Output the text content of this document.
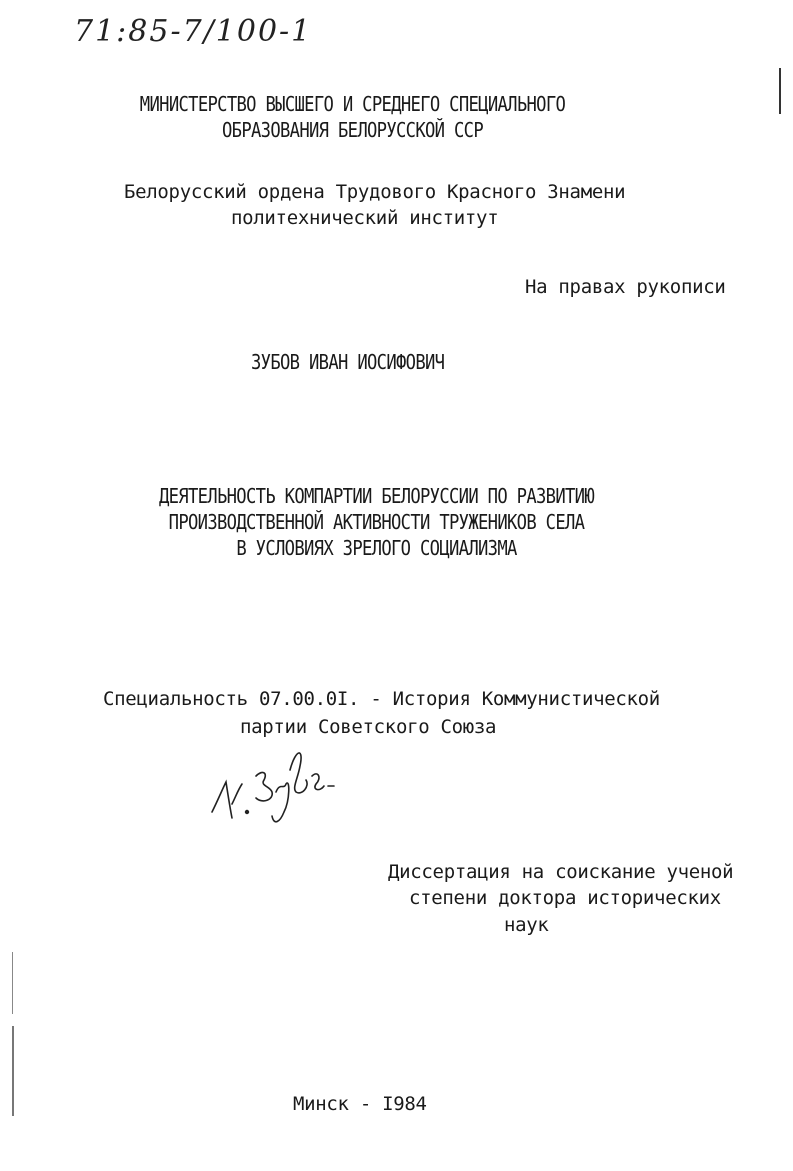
71:85-7/100-1
МИНИСТЕРСТВО ВЫСШЕГО И СРЕДНЕГО СПЕЦИАЛЬНОГО
ОБРАЗОВАНИЯ БЕЛОРУССКОЙ ССР
Белорусский ордена Трудового Красного Знамени
политехнический институт
На правах рукописи
ЗУБОВ ИВАН ИОСИФОВИЧ
ДЕЯТЕЛЬНОСТЬ КОМПАРТИИ БЕЛОРУССИИ ПО РАЗВИТИЮ
ПРОИЗВОДСТВЕННОЙ АКТИВНОСТИ ТРУЖЕНИКОВ СЕЛА
В УСЛОВИЯХ ЗРЕЛОГО СОЦИАЛИЗМА
Специальность 07.00.0I. - История Коммунистической
партии Советского Союза
Диссертация на соискание ученой
степени доктора исторических
наук
Минск - I984
